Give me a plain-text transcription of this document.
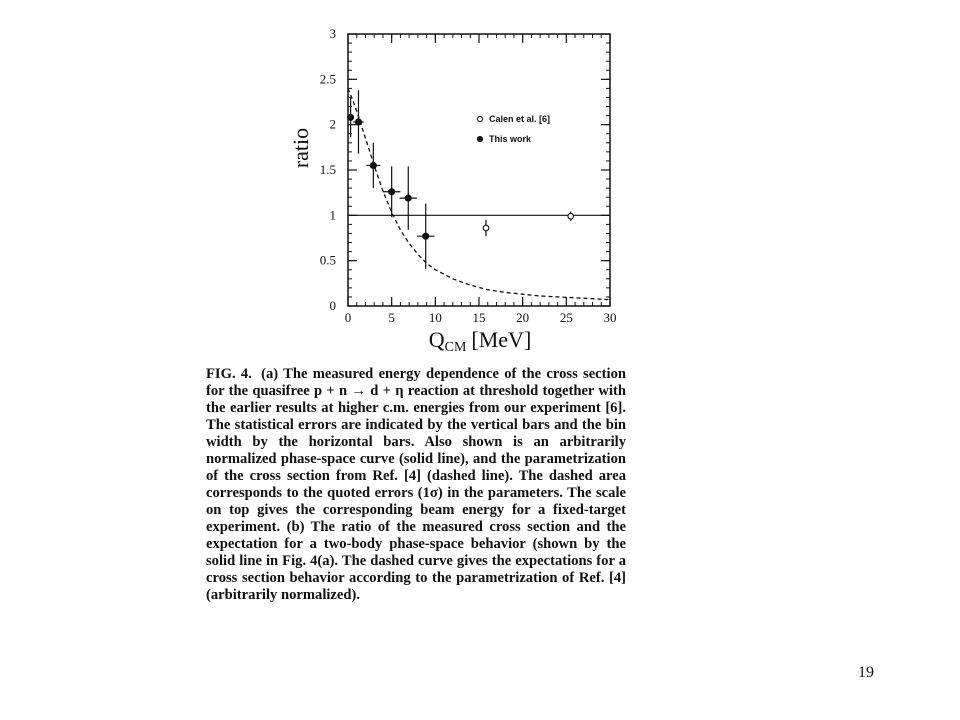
0
0.5
1
1.5
2
2.5
3
0	5	10 15 20 25 30
Calen et al. [6]
This work
ratio
QCM [MeV]

FIG. 4. (a) The measured energy dependence of the cross section for the quasifree p + n → d + η reaction at threshold together with the earlier results at higher c.m. energies from our experiment [6]. The statistical errors are indicated by the vertical bars and the bin width by the horizontal bars. Also shown is an arbitrarily normalized phase-space curve (solid line), and the parametrization of the cross section from Ref. [4] (dashed line). The dashed area corresponds to the quoted errors (1σ) in the parameters. The scale on top gives the corresponding beam energy for a fixed-target experiment. (b) The ratio of the measured cross section and the expectation for a two-body phase-space behavior (shown by the solid line in Fig. 4(a). The dashed curve gives the expectations for a cross section behavior according to the parametrization of Ref. [4] (arbitrarily normalized).

19
